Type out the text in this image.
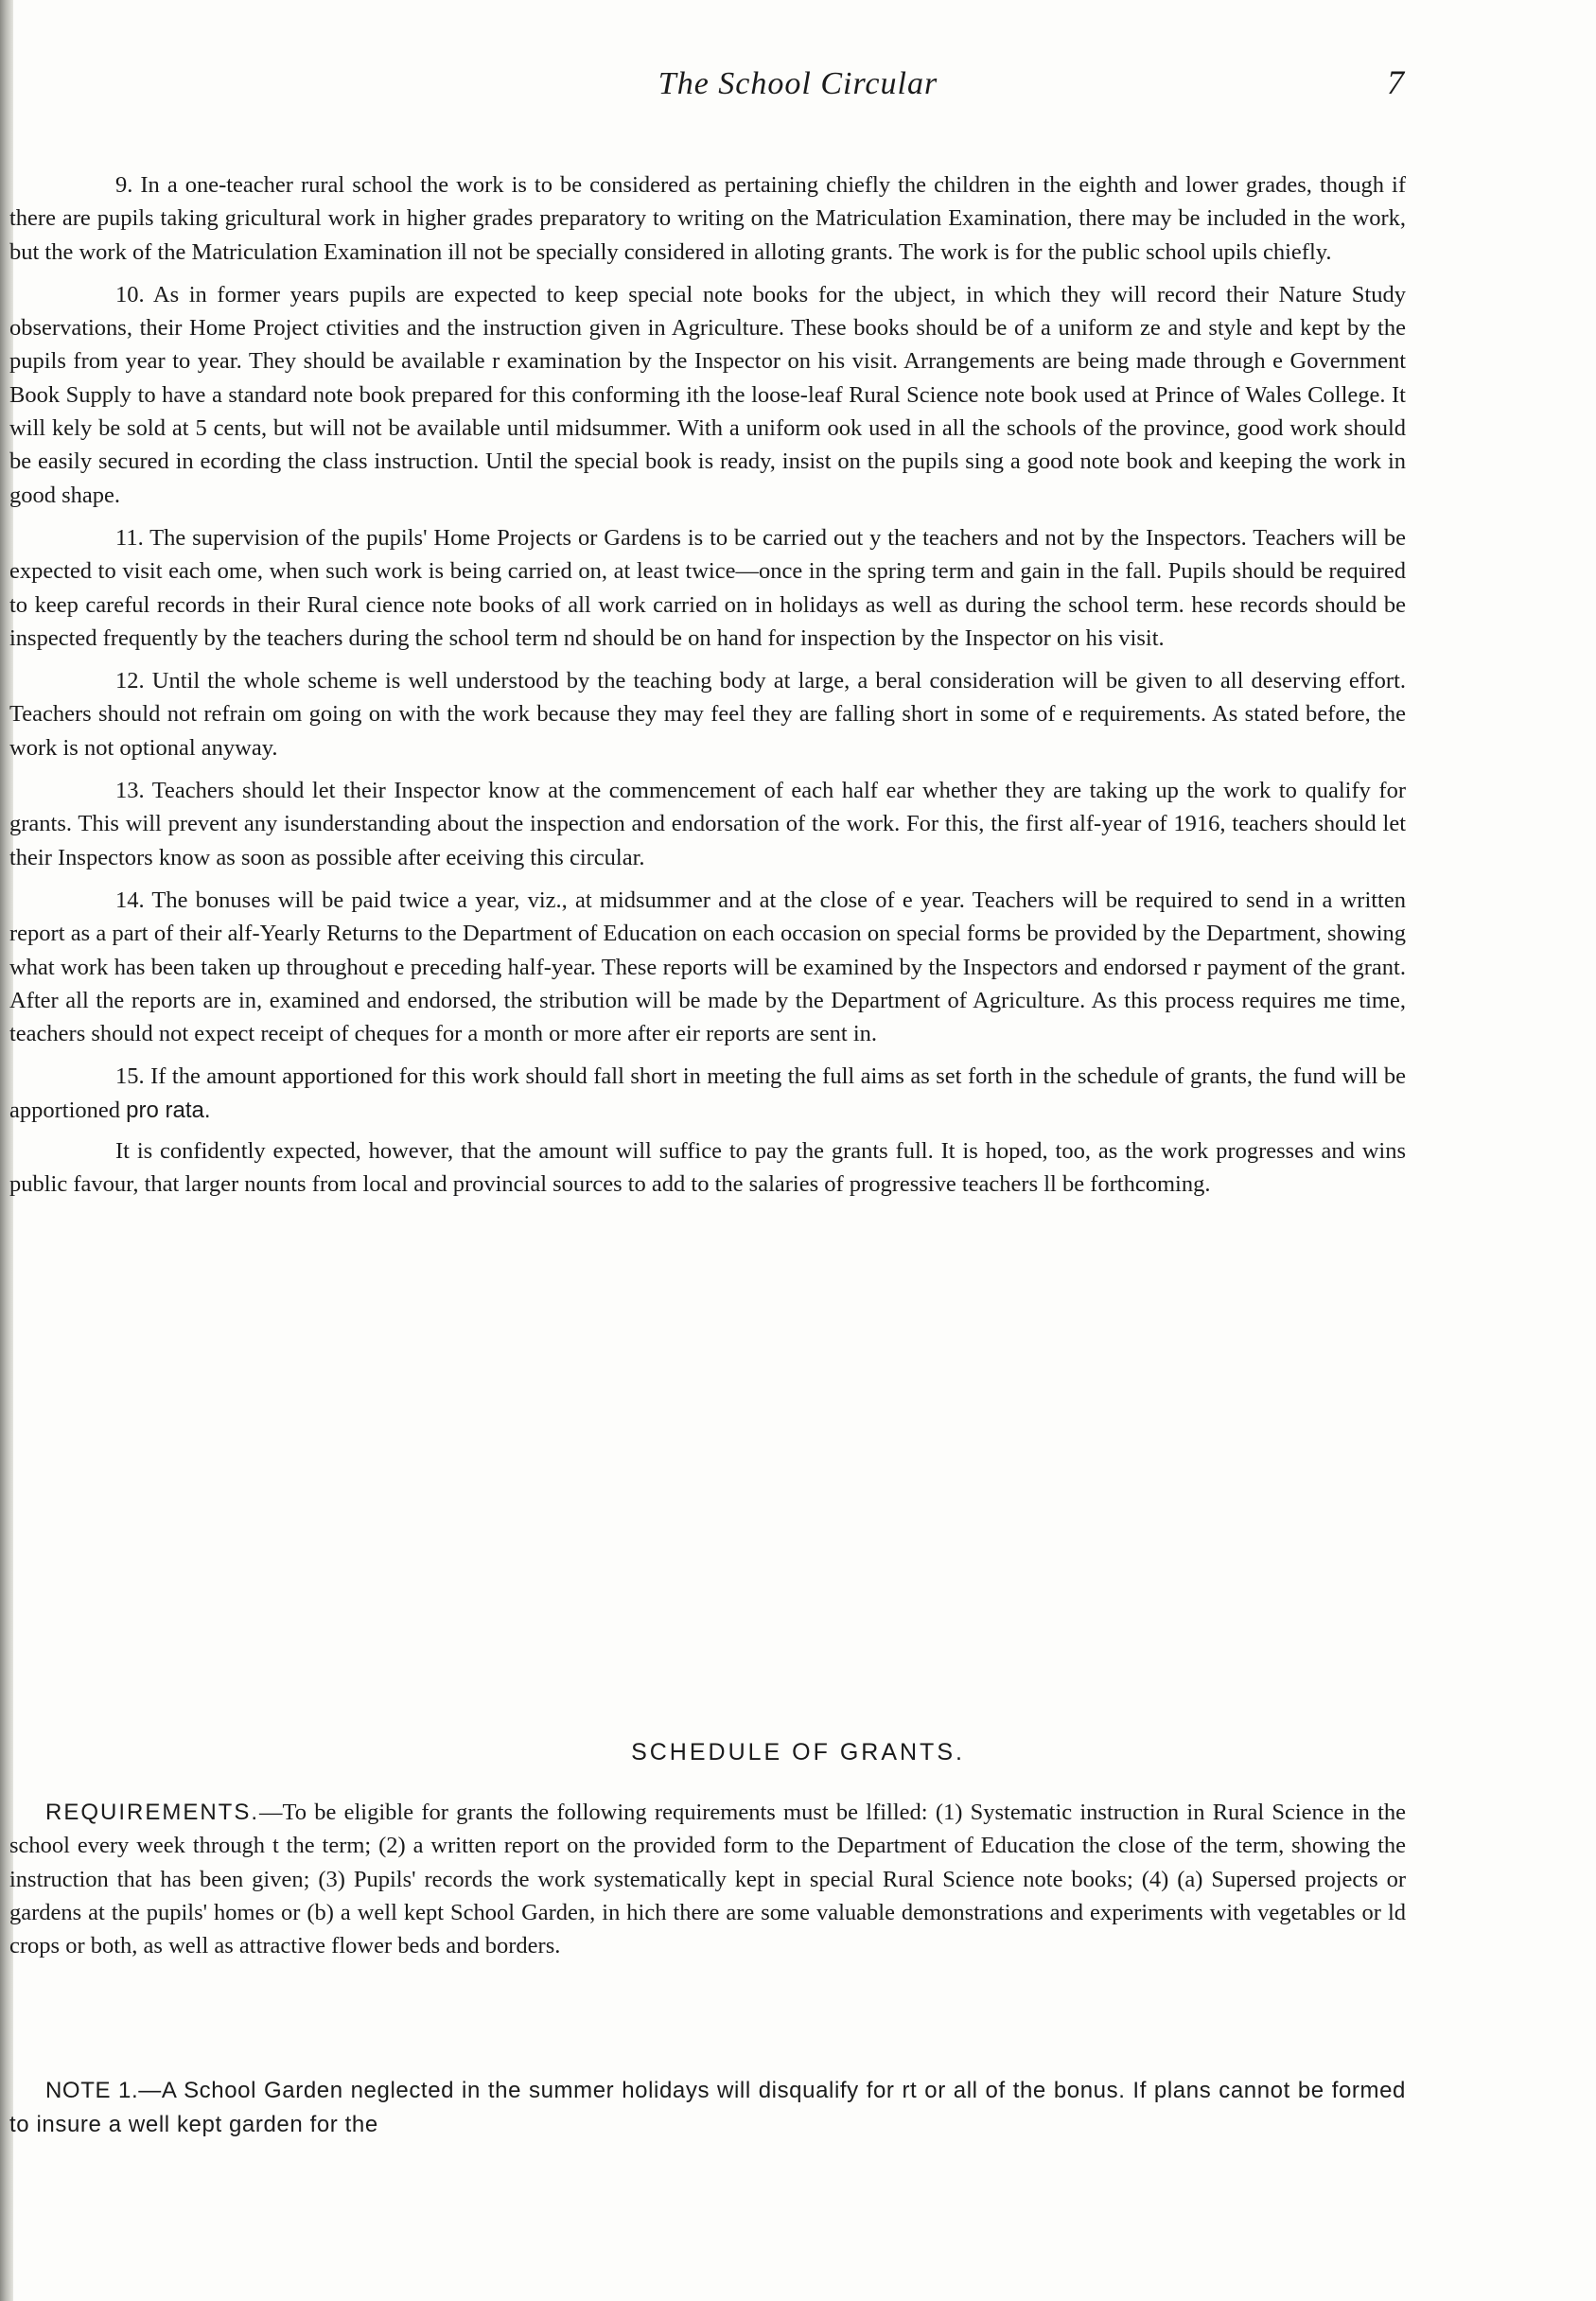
The School Circular	7

9. In a one-teacher rural school the work is to be considered as pertaining chiefly the children in the eighth and lower grades, though if there are pupils taking gricultural work in higher grades preparatory to writing on the Matriculation Examination, there may be included in the work, but the work of the Matriculation Examination ill not be specially considered in alloting grants. The work is for the public school upils chiefly.

10. As in former years pupils are expected to keep special note books for the ubject, in which they will record their Nature Study observations, their Home Project ctivities and the instruction given in Agriculture. These books should be of a uniform ze and style and kept by the pupils from year to year. They should be available r examination by the Inspector on his visit. Arrangements are being made through e Government Book Supply to have a standard note book prepared for this conforming ith the loose-leaf Rural Science note book used at Prince of Wales College. It will kely be sold at 5 cents, but will not be available until midsummer. With a uniform ook used in all the schools of the province, good work should be easily secured in ecording the class instruction. Until the special book is ready, insist on the pupils sing a good note book and keeping the work in good shape.

11. The supervision of the pupils' Home Projects or Gardens is to be carried out y the teachers and not by the Inspectors. Teachers will be expected to visit each ome, when such work is being carried on, at least twice—once in the spring term and gain in the fall. Pupils should be required to keep careful records in their Rural cience note books of all work carried on in holidays as well as during the school term. hese records should be inspected frequently by the teachers during the school term nd should be on hand for inspection by the Inspector on his visit.

12. Until the whole scheme is well understood by the teaching body at large, a beral consideration will be given to all deserving effort. Teachers should not refrain om going on with the work because they may feel they are falling short in some of e requirements. As stated before, the work is not optional anyway.

13. Teachers should let their Inspector know at the commencement of each half ear whether they are taking up the work to qualify for grants. This will prevent any isunderstanding about the inspection and endorsation of the work. For this, the first alf-year of 1916, teachers should let their Inspectors know as soon as possible after eceiving this circular.

14. The bonuses will be paid twice a year, viz., at midsummer and at the close of e year. Teachers will be required to send in a written report as a part of their alf-Yearly Returns to the Department of Education on each occasion on special forms be provided by the Department, showing what work has been taken up throughout e preceding half-year. These reports will be examined by the Inspectors and endorsed r payment of the grant. After all the reports are in, examined and endorsed, the stribution will be made by the Department of Agriculture. As this process requires me time, teachers should not expect receipt of cheques for a month or more after eir reports are sent in.

15. If the amount apportioned for this work should fall short in meeting the full aims as set forth in the schedule of grants, the fund will be apportioned pro rata.

It is confidently expected, however, that the amount will suffice to pay the grants full. It is hoped, too, as the work progresses and wins public favour, that larger nounts from local and provincial sources to add to the salaries of progressive teachers ll be forthcoming.

SCHEDULE OF GRANTS.

REQUIREMENTS.—To be eligible for grants the following requirements must be lfilled: (1) Systematic instruction in Rural Science in the school every week through t the term; (2) a written report on the provided form to the Department of Education the close of the term, showing the instruction that has been given; (3) Pupils' records the work systematically kept in special Rural Science note books; (4) (a) Supersed projects or gardens at the pupils' homes or (b) a well kept School Garden, in hich there are some valuable demonstrations and experiments with vegetables or ld crops or both, as well as attractive flower beds and borders.

NOTE 1.—A School Garden neglected in the summer holidays will disqualify for rt or all of the bonus. If plans cannot be formed to insure a well kept garden for the
